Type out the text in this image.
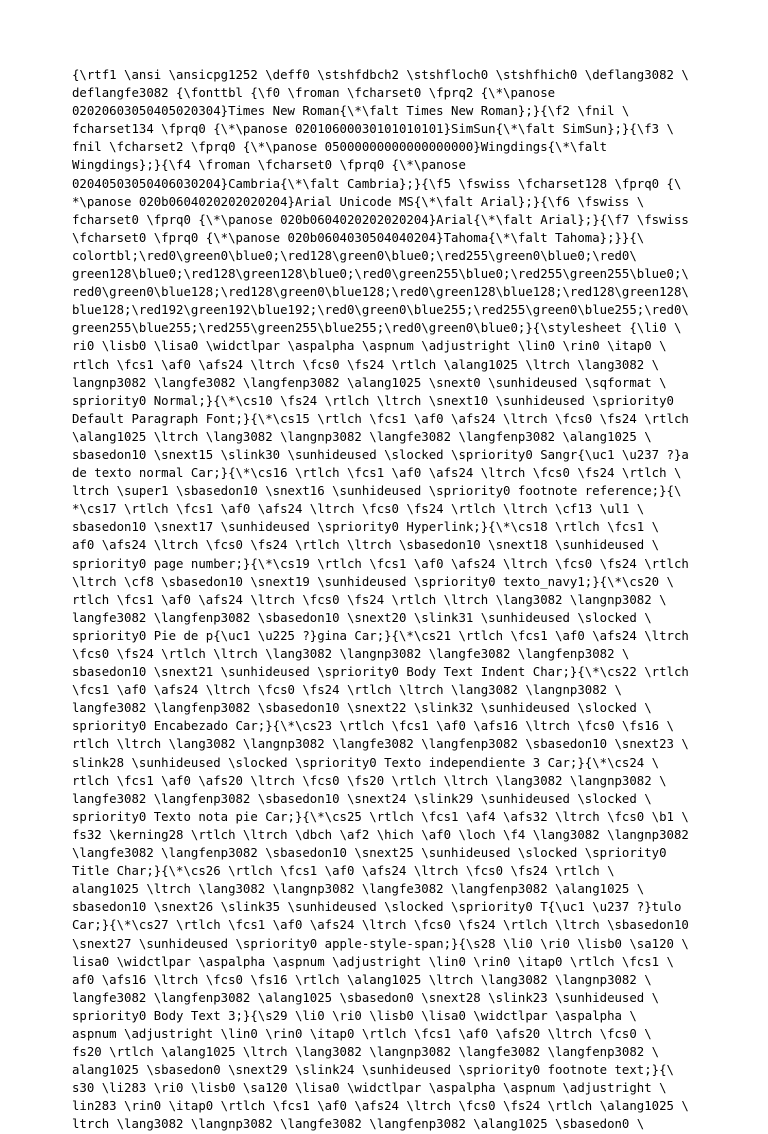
{\rtf1 \ansi \ansicpg1252 \deff0 \stshfdbch2 \stshfloch0 \stshfhich0 \deflang3082 \
deflangfe3082 {\fonttbl {\f0 \froman \fcharset0 \fprq2 {\*\panose
02020603050405020304}Times New Roman{\*\falt Times New Roman};}{\f2 \fnil \
fcharset134 \fprq0 {\*\panose 02010600030101010101}SimSun{\*\falt SimSun};}{\f3 \
fnil \fcharset2 \fprq0 {\*\panose 05000000000000000000}Wingdings{\*\falt
Wingdings};}{\f4 \froman \fcharset0 \fprq0 {\*\panose
02040503050406030204}Cambria{\*\falt Cambria};}{\f5 \fswiss \fcharset128 \fprq0 {\
*\panose 020b0604020202020204}Arial Unicode MS{\*\falt Arial};}{\f6 \fswiss \
fcharset0 \fprq0 {\*\panose 020b0604020202020204}Arial{\*\falt Arial};}{\f7 \fswiss
\fcharset0 \fprq0 {\*\panose 020b0604030504040204}Tahoma{\*\falt Tahoma};}}{\
colortbl;\red0\green0\blue0;\red128\green0\blue0;\red255\green0\blue0;\red0\
green128\blue0;\red128\green128\blue0;\red0\green255\blue0;\red255\green255\blue0;\
red0\green0\blue128;\red128\green0\blue128;\red0\green128\blue128;\red128\green128\
blue128;\red192\green192\blue192;\red0\green0\blue255;\red255\green0\blue255;\red0\
green255\blue255;\red255\green255\blue255;\red0\green0\blue0;}{\stylesheet {\li0 \
ri0 \lisb0 \lisa0 \widctlpar \aspalpha \aspnum \adjustright \lin0 \rin0 \itap0 \
rtlch \fcs1 \af0 \afs24 \ltrch \fcs0 \fs24 \rtlch \alang1025 \ltrch \lang3082 \
langnp3082 \langfe3082 \langfenp3082 \alang1025 \snext0 \sunhideused \sqformat \
spriority0 Normal;}{\*\cs10 \fs24 \rtlch \ltrch \snext10 \sunhideused \spriority0
Default Paragraph Font;}{\*\cs15 \rtlch \fcs1 \af0 \afs24 \ltrch \fcs0 \fs24 \rtlch
\alang1025 \ltrch \lang3082 \langnp3082 \langfe3082 \langfenp3082 \alang1025 \
sbasedon10 \snext15 \slink30 \sunhideused \slocked \spriority0 Sangr{\uc1 \u237 ?}a
de texto normal Car;}{\*\cs16 \rtlch \fcs1 \af0 \afs24 \ltrch \fcs0 \fs24 \rtlch \
ltrch \super1 \sbasedon10 \snext16 \sunhideused \spriority0 footnote reference;}{\
*\cs17 \rtlch \fcs1 \af0 \afs24 \ltrch \fcs0 \fs24 \rtlch \ltrch \cf13 \ul1 \
sbasedon10 \snext17 \sunhideused \spriority0 Hyperlink;}{\*\cs18 \rtlch \fcs1 \
af0 \afs24 \ltrch \fcs0 \fs24 \rtlch \ltrch \sbasedon10 \snext18 \sunhideused \
spriority0 page number;}{\*\cs19 \rtlch \fcs1 \af0 \afs24 \ltrch \fcs0 \fs24 \rtlch
\ltrch \cf8 \sbasedon10 \snext19 \sunhideused \spriority0 texto_navy1;}{\*\cs20 \
rtlch \fcs1 \af0 \afs24 \ltrch \fcs0 \fs24 \rtlch \ltrch \lang3082 \langnp3082 \
langfe3082 \langfenp3082 \sbasedon10 \snext20 \slink31 \sunhideused \slocked \
spriority0 Pie de p{\uc1 \u225 ?}gina Car;}{\*\cs21 \rtlch \fcs1 \af0 \afs24 \ltrch
\fcs0 \fs24 \rtlch \ltrch \lang3082 \langnp3082 \langfe3082 \langfenp3082 \
sbasedon10 \snext21 \sunhideused \spriority0 Body Text Indent Char;}{\*\cs22 \rtlch
\fcs1 \af0 \afs24 \ltrch \fcs0 \fs24 \rtlch \ltrch \lang3082 \langnp3082 \
langfe3082 \langfenp3082 \sbasedon10 \snext22 \slink32 \sunhideused \slocked \
spriority0 Encabezado Car;}{\*\cs23 \rtlch \fcs1 \af0 \afs16 \ltrch \fcs0 \fs16 \
rtlch \ltrch \lang3082 \langnp3082 \langfe3082 \langfenp3082 \sbasedon10 \snext23 \
slink28 \sunhideused \slocked \spriority0 Texto independiente 3 Car;}{\*\cs24 \
rtlch \fcs1 \af0 \afs20 \ltrch \fcs0 \fs20 \rtlch \ltrch \lang3082 \langnp3082 \
langfe3082 \langfenp3082 \sbasedon10 \snext24 \slink29 \sunhideused \slocked \
spriority0 Texto nota pie Car;}{\*\cs25 \rtlch \fcs1 \af4 \afs32 \ltrch \fcs0 \b1 \
fs32 \kerning28 \rtlch \ltrch \dbch \af2 \hich \af0 \loch \f4 \lang3082 \langnp3082
\langfe3082 \langfenp3082 \sbasedon10 \snext25 \sunhideused \slocked \spriority0
Title Char;}{\*\cs26 \rtlch \fcs1 \af0 \afs24 \ltrch \fcs0 \fs24 \rtlch \
alang1025 \ltrch \lang3082 \langnp3082 \langfe3082 \langfenp3082 \alang1025 \
sbasedon10 \snext26 \slink35 \sunhideused \slocked \spriority0 T{\uc1 \u237 ?}tulo
Car;}{\*\cs27 \rtlch \fcs1 \af0 \afs24 \ltrch \fcs0 \fs24 \rtlch \ltrch \sbasedon10
\snext27 \sunhideused \spriority0 apple-style-span;}{\s28 \li0 \ri0 \lisb0 \sa120 \
lisa0 \widctlpar \aspalpha \aspnum \adjustright \lin0 \rin0 \itap0 \rtlch \fcs1 \
af0 \afs16 \ltrch \fcs0 \fs16 \rtlch \alang1025 \ltrch \lang3082 \langnp3082 \
langfe3082 \langfenp3082 \alang1025 \sbasedon0 \snext28 \slink23 \sunhideused \
spriority0 Body Text 3;}{\s29 \li0 \ri0 \lisb0 \lisa0 \widctlpar \aspalpha \
aspnum \adjustright \lin0 \rin0 \itap0 \rtlch \fcs1 \af0 \afs20 \ltrch \fcs0 \
fs20 \rtlch \alang1025 \ltrch \lang3082 \langnp3082 \langfe3082 \langfenp3082 \
alang1025 \sbasedon0 \snext29 \slink24 \sunhideused \spriority0 footnote text;}{\
s30 \li283 \ri0 \lisb0 \sa120 \lisa0 \widctlpar \aspalpha \aspnum \adjustright \
lin283 \rin0 \itap0 \rtlch \fcs1 \af0 \afs24 \ltrch \fcs0 \fs24 \rtlch \alang1025 \
ltrch \lang3082 \langnp3082 \langfe3082 \langfenp3082 \alang1025 \sbasedon0 \
